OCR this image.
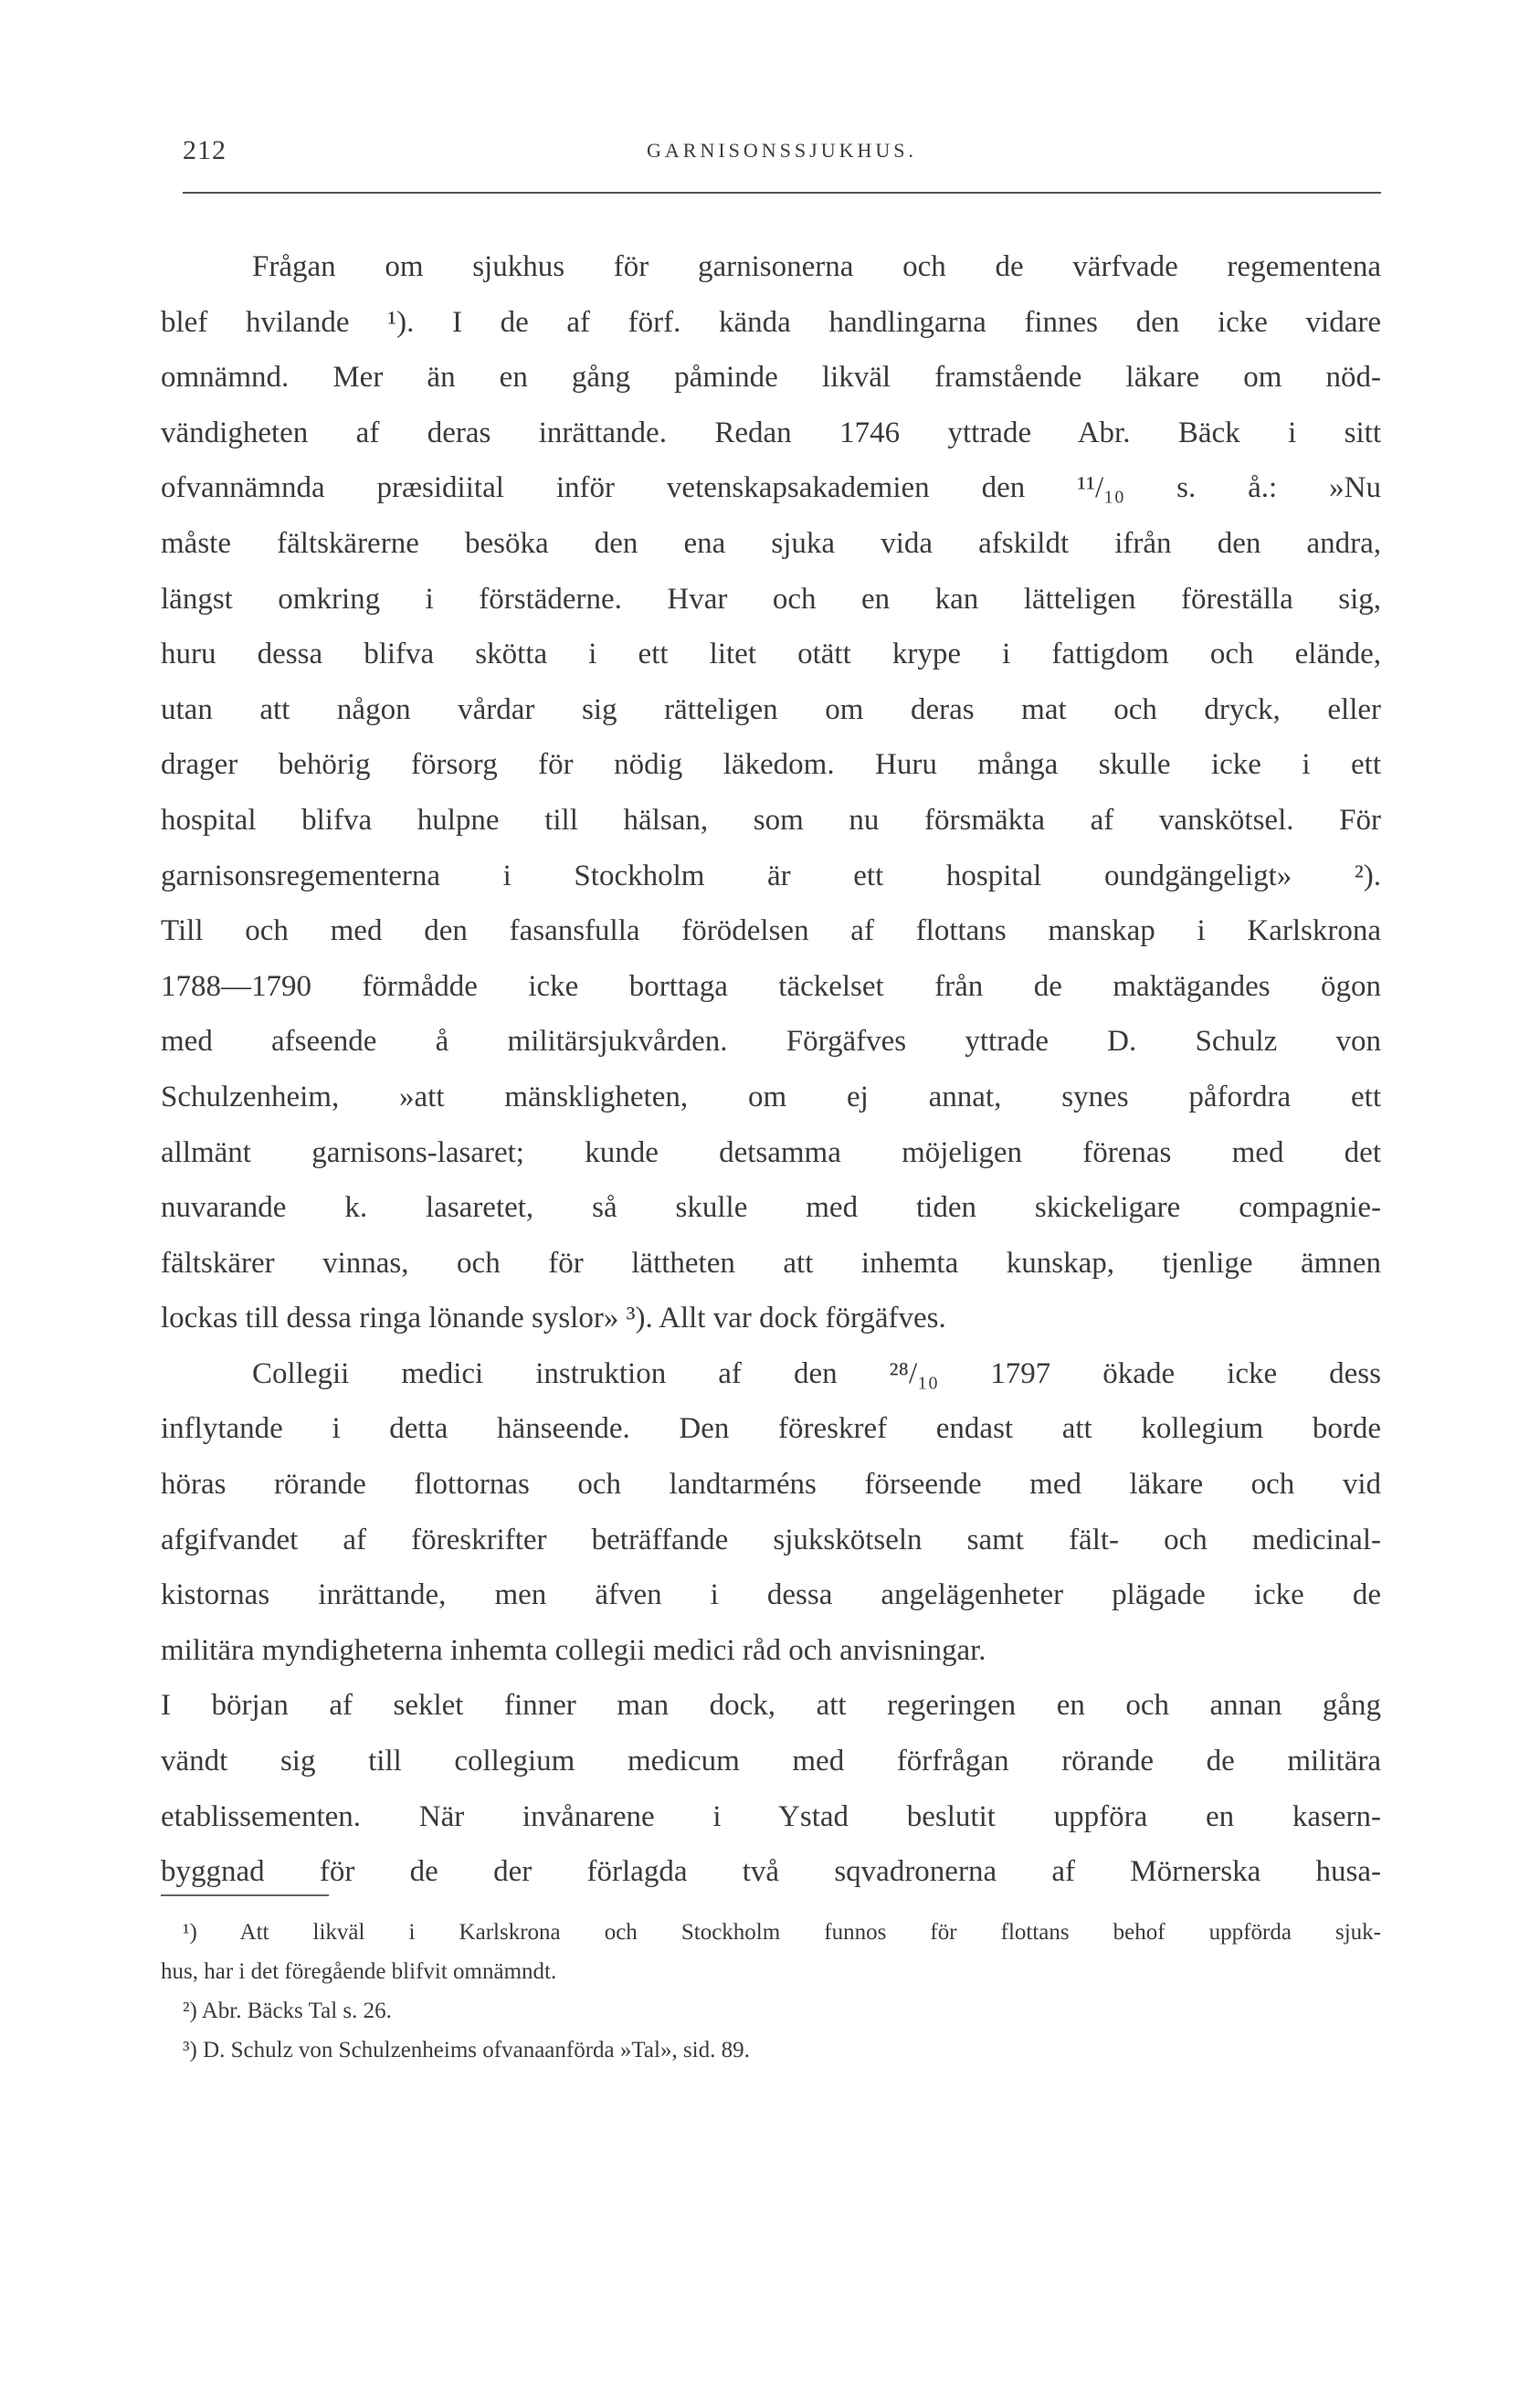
212	GARNISONSSJUKHUS.
Frågan om sjukhus för garnisonerna och de värfvade regementena
blef hvilande ¹). I de af förf. kända handlingarna finnes den icke vidare
omnämnd. Mer än en gång påminde likväl framstående läkare om nöd-
vändigheten af deras inrättande. Redan 1746 yttrade Abr. Bäck i sitt
ofvannämnda præsidiital inför vetenskapsakademien den ¹¹/₁₀ s. å.: »Nu
måste fältskärerne besöka den ena sjuka vida afskildt ifrån den andra,
längst omkring i förstäderne. Hvar och en kan lätteligen föreställa sig,
huru dessa blifva skötta i ett litet otätt krype i fattigdom och elände,
utan att någon vårdar sig rätteligen om deras mat och dryck, eller
drager behörig försorg för nödig läkedom. Huru många skulle icke i ett
hospital blifva hulpne till hälsan, som nu försmäkta af vanskötsel. För
garnisonsregementerna i Stockholm är ett hospital oundgängeligt» ²).
Till och med den fasansfulla förödelsen af flottans manskap i Karlskrona
1788—1790 förmådde icke borttaga täckelset från de maktägandes ögon
med afseende å militärsjukvården. Förgäfves yttrade D. Schulz von
Schulzenheim, »att mänskligheten, om ej annat, synes påfordra ett
allmänt garnisons-lasaret; kunde detsamma möjeligen förenas med det
nuvarande k. lasaretet, så skulle med tiden skickeligare compagnie-
fältskärer vinnas, och för lättheten att inhemta kunskap, tjenlige ämnen
lockas till dessa ringa lönande syslor» ³). Allt var dock förgäfves.
Collegii medici instruktion af den ²⁸/₁₀ 1797 ökade icke dess
inflytande i detta hänseende. Den föreskref endast att kollegium borde
höras rörande flottornas och landtarméns förseende med läkare och vid
afgifvandet af föreskrifter beträffande sjukskötseln samt fält- och medicinal-
kistornas inrättande, men äfven i dessa angelägenheter plägade icke de
militära myndigheterna inhemta collegii medici råd och anvisningar.
I början af seklet finner man dock, att regeringen en och annan gång
vändt sig till collegium medicum med förfrågan rörande de militära
etablissementen. När invånarene i Ystad beslutit uppföra en kasern-
byggnad för de der förlagda två sqvadronerna af Mörnerska husa-
¹) Att likväl i Karlskrona och Stockholm funnos för flottans behof uppförda sjuk-
hus, har i det föregående blifvit omnämndt.
²) Abr. Bäcks Tal s. 26.
³) D. Schulz von Schulzenheims ofvanaanförda »Tal», sid. 89.
